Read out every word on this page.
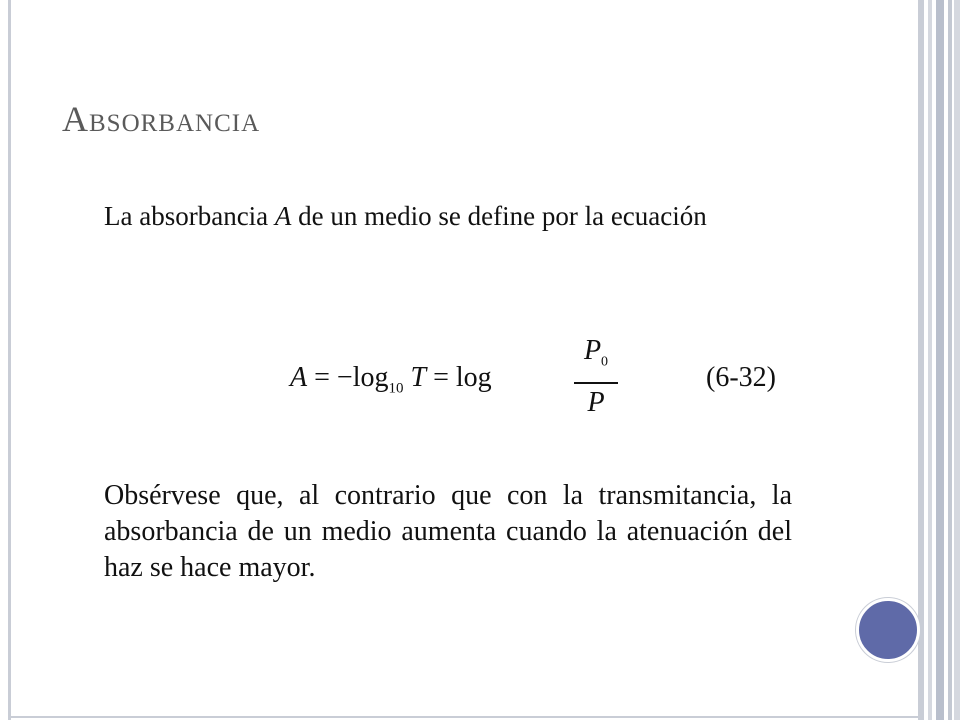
Absorbancia
La absorbancia A de un medio se define por la ecuación
$A = -\log_{10}$ T = log
$P_0$
P
(6-32)
Obsérvese que, al contrario que con la transmitancia, la absorbancia de un medio aumenta cuando la atenuación del haz se hace mayor.
